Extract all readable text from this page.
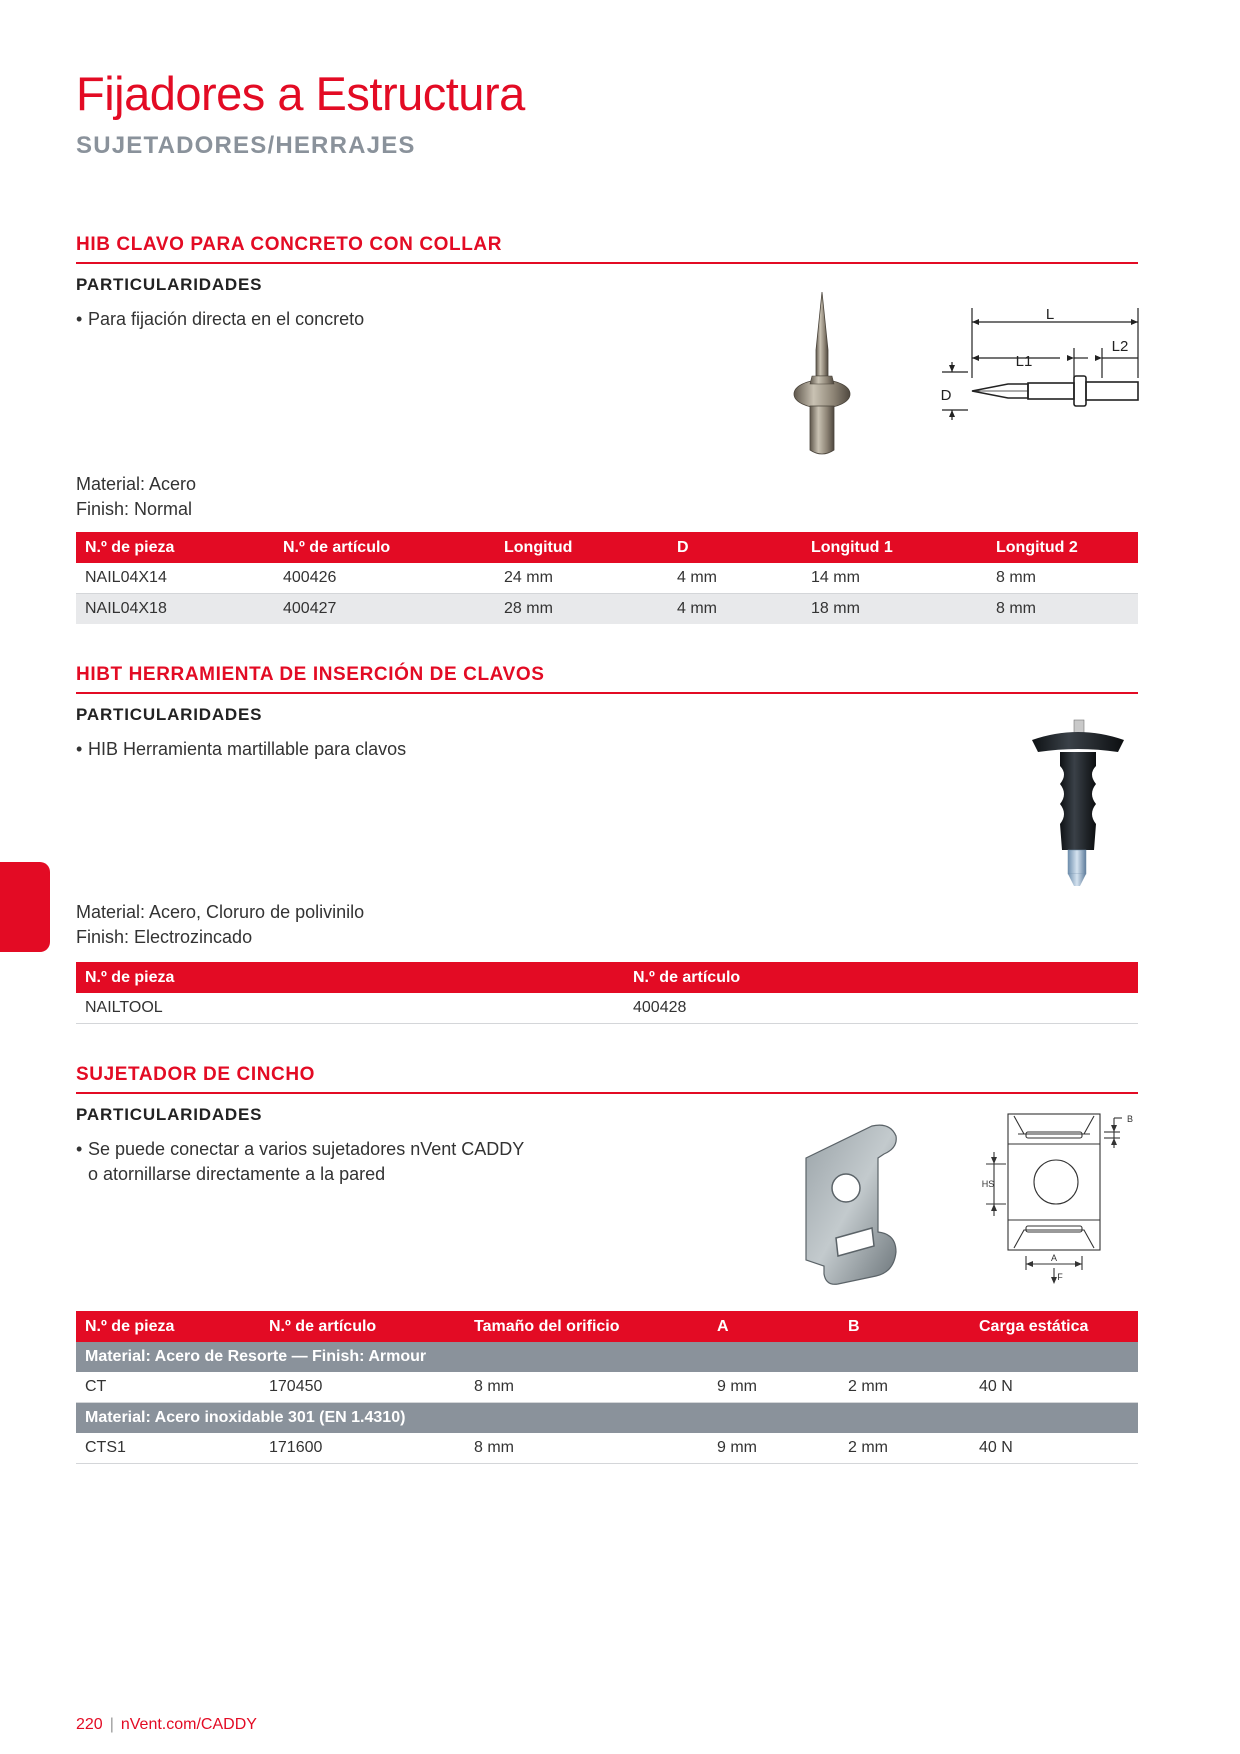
Fijadores a Estructura
SUJETADORES/HERRAJES
HIB CLAVO PARA CONCRETO CON COLLAR
PARTICULARIDADES
• Para fijación directa en el concreto	L
L1
L2
D
Material: Acero
Finish: Normal
N.º de pieza	N.º de artículo	Longitud	D	Longitud 1	Longitud 2
NAIL04X14	400426	24 mm	4 mm	14 mm	8 mm
NAIL04X18	400427	28 mm	4 mm	18 mm	8 mm
HIBT HERRAMIENTA DE INSERCIÓN DE CLAVOS
PARTICULARIDADES
• HIB Herramienta martillable para clavos
Material: Acero, Cloruro de polivinilo
Finish: Electrozincado
N.º de pieza	N.º de artículo
NAILTOOL	400428
SUJETADOR DE CINCHO
PARTICULARIDADES
• Se puede conectar a varios sujetadores nVent CADDY
o atornillarse directamente a la pared
B
HS
A
F
N.º de pieza	N.º de artículo	Tamaño del orificio	A	B	Carga estática
Material: Acero de Resorte — Finish: Armour					
CT	170450	8 mm	9 mm	2 mm	40 N
Material: Acero inoxidable 301 (EN 1.4310)					
CTS1	171600	8 mm	9 mm	2 mm	40 N
220 | nVent.com/CADDY
